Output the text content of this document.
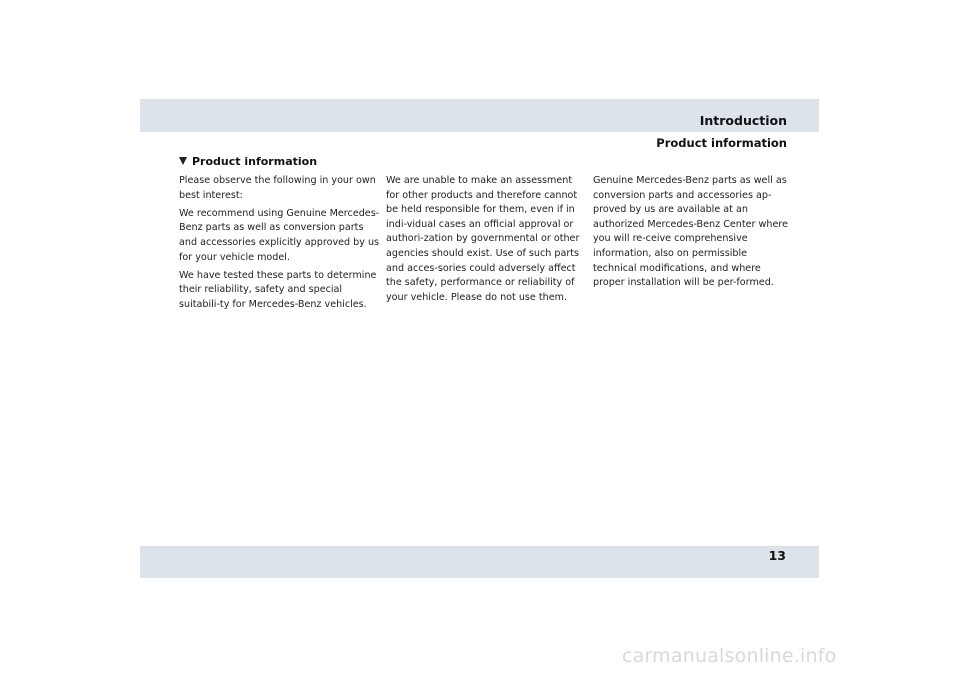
Introduction
Product information
Product information

Please observe the following in your own best interest:

We recommend using Genuine Mercedes-Benz parts as well as conversion parts and accessories explicitly approved by us for your vehicle model.

We have tested these parts to determine their reliability, safety and special suitabili-ty for Mercedes-Benz vehicles.

We are unable to make an assessment for other products and therefore cannot be held responsible for them, even if in indi-vidual cases an official approval or authori-zation by governmental or other agencies should exist. Use of such parts and acces-sories could adversely affect the safety, performance or reliability of your vehicle. Please do not use them.

Genuine Mercedes-Benz parts as well as conversion parts and accessories ap-proved by us are available at an authorized Mercedes-Benz Center where you will re-ceive comprehensive information, also on permissible technical modifications, and where proper installation will be per-formed.

13
carmanualsonline.info
